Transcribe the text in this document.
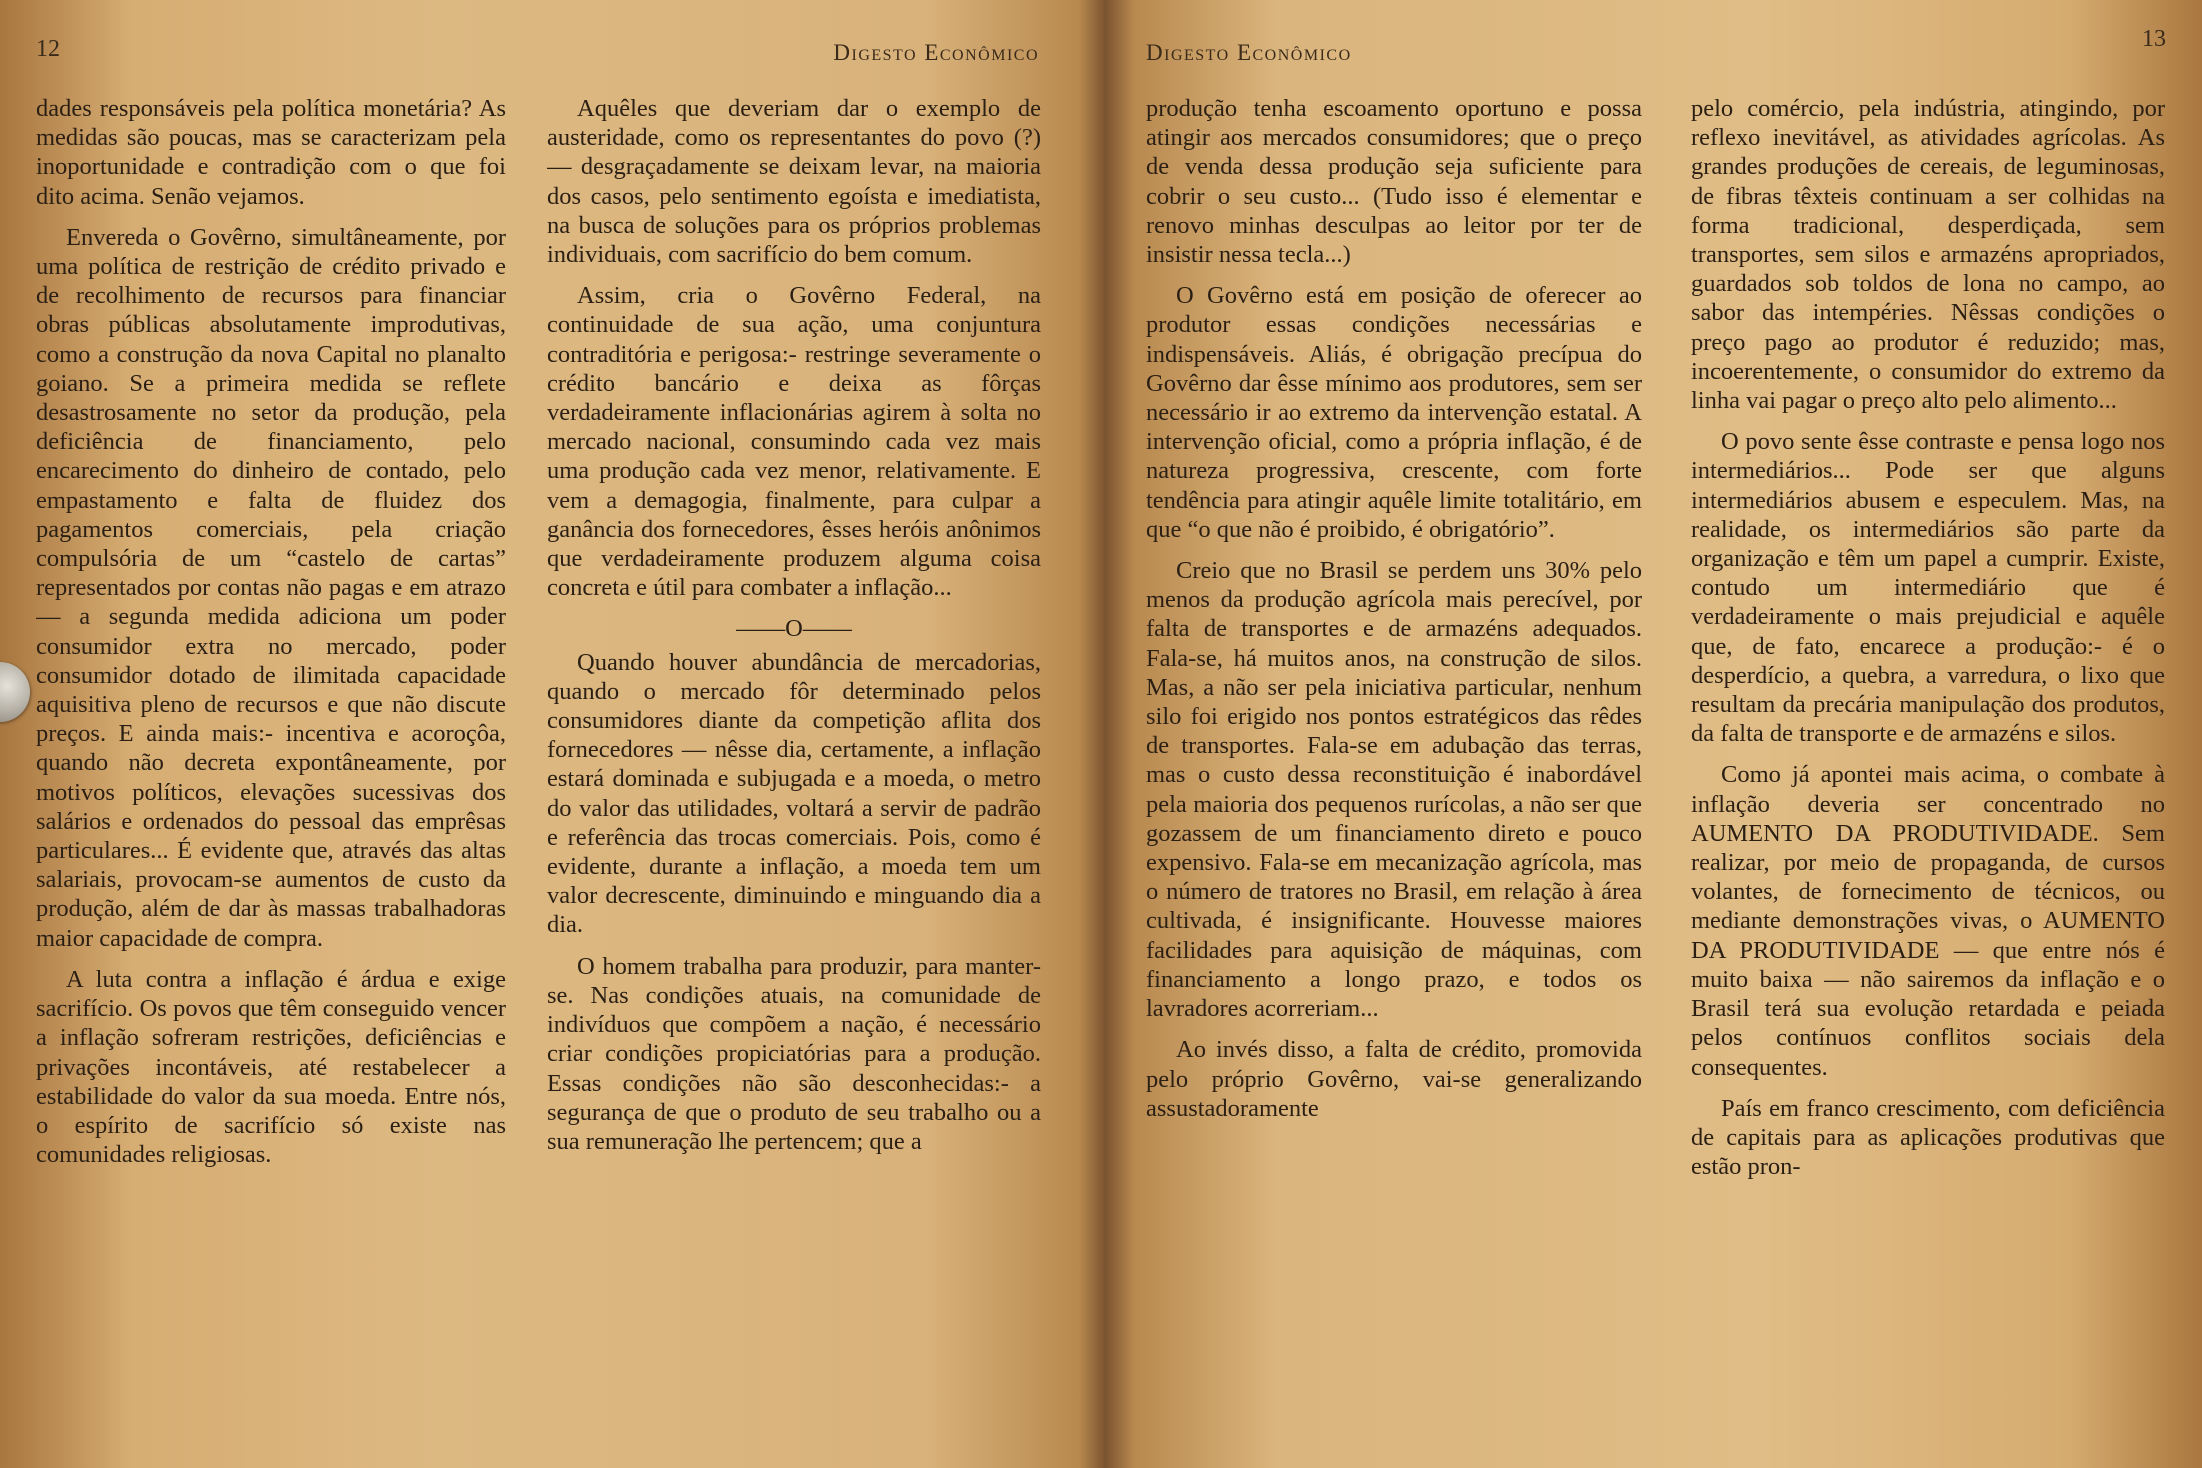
12	Digesto Econômico

dades responsáveis pela política monetária? As medidas são poucas, mas se caracterizam pela inoportunidade e contradição com o que foi dito acima. Senão vejamos.

Envereda o Govêrno, simultâneamente, por uma política de restrição de crédito privado e de recolhimento de recursos para financiar obras públicas absolutamente improdutivas, como a construção da nova Capital no planalto goiano. Se a primeira medida se reflete desastrosamente no setor da produção, pela deficiência de financiamento, pelo encarecimento do dinheiro de contado, pelo empastamento e falta de fluidez dos pagamentos comerciais, pela criação compulsória de um “castelo de cartas” representados por contas não pagas e em atrazo — a segunda medida adiciona um poder consumidor extra no mercado, poder consumidor dotado de ilimitada capacidade aquisitiva pleno de recursos e que não discute preços. E ainda mais:- incentiva e acoroçôa, quando não decreta expontâneamente, por motivos políticos, elevações sucessivas dos salários e ordenados do pessoal das emprêsas particulares... É evidente que, através das altas salariais, provocam-se aumentos de custo da produção, além de dar às massas trabalhadoras maior capacidade de compra.

A luta contra a inflação é árdua e exige sacrifício. Os povos que têm conseguido vencer a inflação sofreram restrições, deficiências e privações incontáveis, até restabelecer a estabilidade do valor da sua moeda. Entre nós, o espírito de sacrifício só existe nas comunidades religiosas.

Aquêles que deveriam dar o exemplo de austeridade, como os representantes do povo (?) — desgraçadamente se deixam levar, na maioria dos casos, pelo sentimento egoísta e imediatista, na busca de soluções para os próprios problemas individuais, com sacrifício do bem comum.

Assim, cria o Govêrno Federal, na continuidade de sua ação, uma conjuntura contraditória e perigosa:- restringe severamente o crédito bancário e deixa as fôrças verdadeiramente inflacionárias agirem à solta no mercado nacional, consumindo cada vez mais uma produção cada vez menor, relativamente. E vem a demagogia, finalmente, para culpar a ganância dos fornecedores, êsses heróis anônimos que verdadeiramente produzem alguma coisa concreta e útil para combater a inflação...

——O——

Quando houver abundância de mercadorias, quando o mercado fôr determinado pelos consumidores diante da competição aflita dos fornecedores — nêsse dia, certamente, a inflação estará dominada e subjugada e a moeda, o metro do valor das utilidades, voltará a servir de padrão e referência das trocas comerciais. Pois, como é evidente, durante a inflação, a moeda tem um valor decrescente, diminuindo e minguando dia a dia.

O homem trabalha para produzir, para manter-se. Nas condições atuais, na comunidade de indivíduos que compõem a nação, é necessário criar condições propiciatórias para a produção. Essas condições não são desconhecidas:- a segurança de que o produto de seu trabalho ou a sua remuneração lhe pertencem; que a

Digesto Econômico
13

produção tenha escoamento oportuno e possa atingir aos mercados consumidores; que o preço de venda dessa produção seja suficiente para cobrir o seu custo... (Tudo isso é elementar e renovo minhas desculpas ao leitor por ter de insistir nessa tecla...)

O Govêrno está em posição de oferecer ao produtor essas condições necessárias e indispensáveis. Aliás, é obrigação precípua do Govêrno dar êsse mínimo aos produtores, sem ser necessário ir ao extremo da intervenção estatal. A intervenção oficial, como a própria inflação, é de natureza progressiva, crescente, com forte tendência para atingir aquêle limite totalitário, em que “o que não é proibido, é obrigatório”.

Creio que no Brasil se perdem uns 30% pelo menos da produção agrícola mais perecível, por falta de transportes e de armazéns adequados. Fala-se, há muitos anos, na construção de silos. Mas, a não ser pela iniciativa particular, nenhum silo foi erigido nos pontos estratégicos das rêdes de transportes. Fala-se em adubação das terras, mas o custo dessa reconstituição é inabordável pela maioria dos pequenos rurícolas, a não ser que gozassem de um financiamento direto e pouco expensivo. Fala-se em mecanização agrícola, mas o número de tratores no Brasil, em relação à área cultivada, é insignificante. Houvesse maiores facilidades para aquisição de máquinas, com financiamento a longo prazo, e todos os lavradores acorreriam...

Ao invés disso, a falta de crédito, promovida pelo próprio Govêrno, vai-se generalizando assustadoramente

pelo comércio, pela indústria, atingindo, por reflexo inevitável, as atividades agrícolas. As grandes produções de cereais, de leguminosas, de fibras têxteis continuam a ser colhidas na forma tradicional, desperdiçada, sem transportes, sem silos e armazéns apropriados, guardados sob toldos de lona no campo, ao sabor das intempéries. Nêssas condições o preço pago ao produtor é reduzido; mas, incoerentemente, o consumidor do extremo da linha vai pagar o preço alto pelo alimento...

O povo sente êsse contraste e pensa logo nos intermediários... Pode ser que alguns intermediários abusem e especulem. Mas, na realidade, os intermediários são parte da organização e têm um papel a cumprir. Existe, contudo um intermediário que é verdadeiramente o mais prejudicial e aquêle que, de fato, encarece a produção:- é o desperdício, a quebra, a varredura, o lixo que resultam da precária manipulação dos produtos, da falta de transporte e de armazéns e silos.

Como já apontei mais acima, o combate à inflação deveria ser concentrado no AUMENTO DA PRODUTIVIDADE. Sem realizar, por meio de propaganda, de cursos volantes, de fornecimento de técnicos, ou mediante demonstrações vivas, o AUMENTO DA PRODUTIVIDADE — que entre nós é muito baixa — não sairemos da inflação e o Brasil terá sua evolução retardada e peiada pelos contínuos conflitos sociais dela consequentes.

País em franco crescimento, com deficiência de capitais para as aplicações produtivas que estão pron-
